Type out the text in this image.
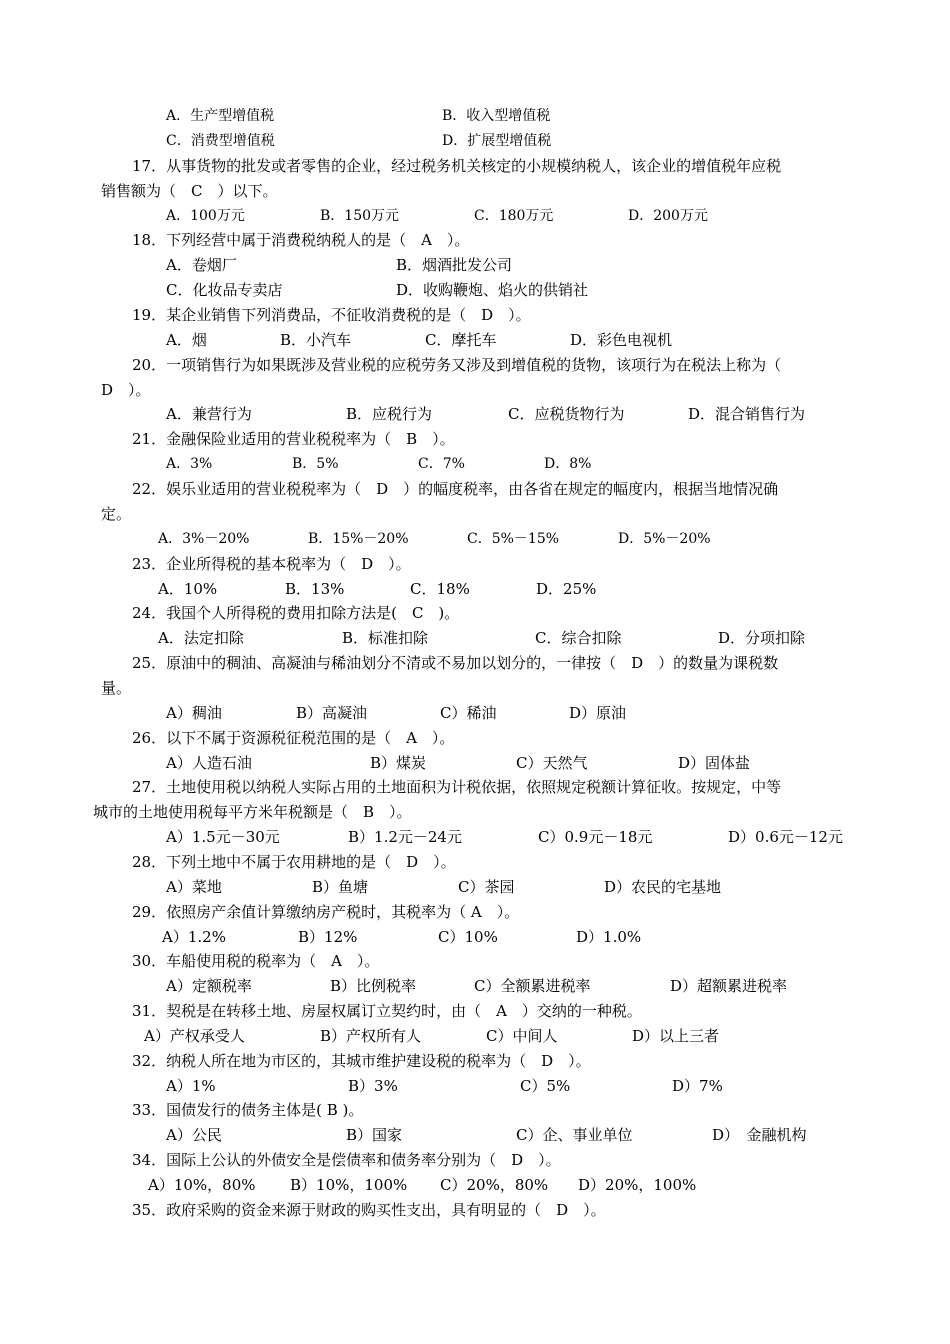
A．生产型增值税	B．收入型增值税
C．消费型增值税	D．扩展型增值税
17．从事货物的批发或者零售的企业，经过税务机关核定的小规模纳税人，该企业的增值税年应税
销售额为（　C　）以下。
A．100万元	B．150万元	C．180万元	D．200万元
18．下列经营中属于消费税纳税人的是（　A　）。
A．卷烟厂	B．烟酒批发公司
C．化妆品专卖店	D．收购鞭炮、焰火的供销社
19．某企业销售下列消费品，不征收消费税的是（　D　）。
A．烟	B．小汽车	C．摩托车	D．彩色电视机
20．一项销售行为如果既涉及营业税的应税劳务又涉及到增值税的货物，该项行为在税法上称为（
D　）。
A．兼营行为	B．应税行为	C．应税货物行为	D．混合销售行为
21．金融保险业适用的营业税税率为（　B　）。
A．3%	B．5%	C．7%	D．8%
22．娱乐业适用的营业税税率为（　D　）的幅度税率，由各省在规定的幅度内，根据当地情况确
定。
A．3%－20%	B．15%－20%	C．5%－15%	D．5%－20%
23．企业所得税的基本税率为（　D　）。
A．10%	B．13%	C．18%	D．25%
24．我国个人所得税的费用扣除方法是(　C　)。
A．法定扣除	B．标准扣除	C．综合扣除	D．分项扣除
25．原油中的稠油、高凝油与稀油划分不清或不易加以划分的，一律按（　D　）的数量为课税数
量。
A）稠油	B）高凝油	C）稀油	D）原油
26．以下不属于资源税征税范围的是（　A　）。
A）人造石油	B）煤炭	C）天然气	D）固体盐
27．土地使用税以纳税人实际占用的土地面积为计税依据，依照规定税额计算征收。按规定，中等
城市的土地使用税每平方米年税额是（　B　）。
A）1.5元－30元	B）1.2元－24元	C）0.9元－18元	D）0.6元－12元
28．下列土地中不属于农用耕地的是（　D　）。
A）菜地	B）鱼塘	C）茶园	D）农民的宅基地
29．依照房产余值计算缴纳房产税时，其税率为（ A　）。
A）1.2%	B）12%	C）10%	D）1.0%
30．车船使用税的税率为（　A　）。
A）定额税率	B）比例税率	C）全额累进税率	D）超额累进税率
31．契税是在转移土地、房屋权属订立契约时，由（　A　）交纳的一种税。
A）产权承受人	B）产权所有人	C）中间人	D）以上三者
32．纳税人所在地为市区的，其城市维护建设税的税率为（　D　）。
A）1%	B）3%	C）5%	D）7%
33．国债发行的债务主体是( B )。
A）公民	B）国家	C）企、事业单位	D）　金融机构
34．国际上公认的外债安全是偿债率和债务率分别为（　D　）。
A）10%，80% B）10%，100% C）20%，80% D）20%，100%
35．政府采购的资金来源于财政的购买性支出，具有明显的（　D　）。
